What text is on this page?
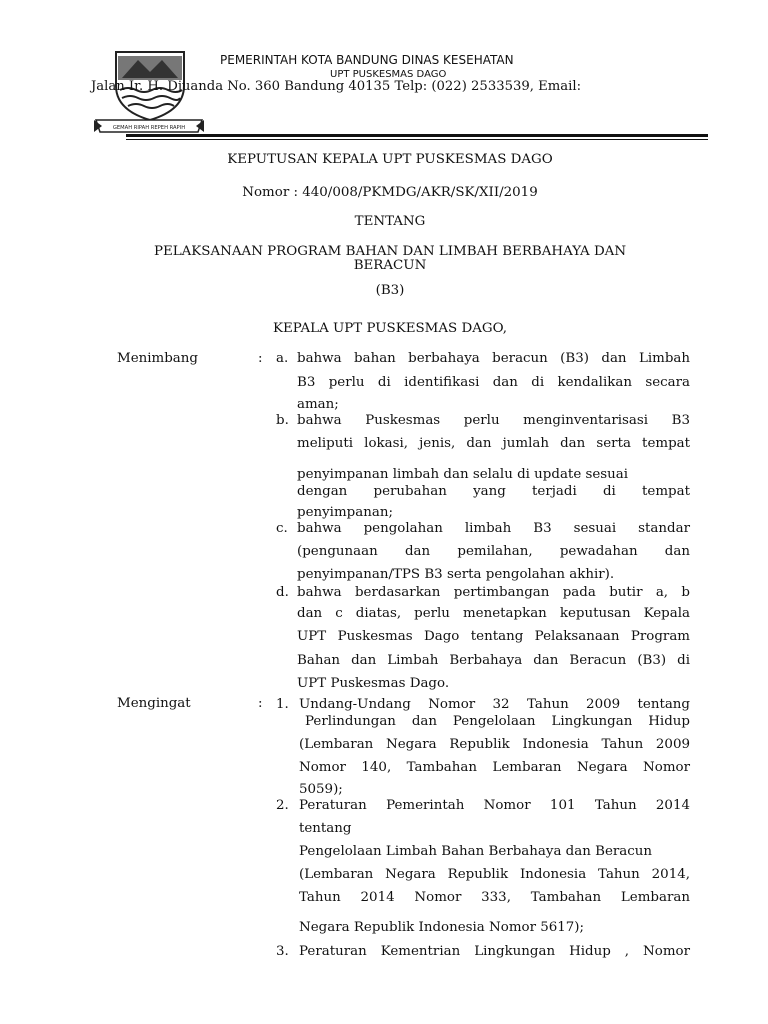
GEMAH RIPAH REPEH RAPIH
PEMERINTAH KOTA BANDUNG DINAS KESEHATAN
UPT PUSKESMAS DAGO
Jalan Ir. H. Djuanda No. 360 Bandung 40135 Telp: (022) 2533539, Email:
KEPUTUSAN KEPALA UPT PUSKESMAS DAGO
Nomor : 440/008/PKMDG/AKR/SK/XII/2019
TENTANG
PELAKSANAAN PROGRAM BAHAN DAN LIMBAH BERBAHAYA DAN
BERACUN
(B3)
KEPALA UPT PUSKESMAS DAGO,
Menimbang	: a. bahwa bahan berbahaya beracun (B3) dan Limbah
B3 perlu di identifikasi dan di kendalikan secara
aman;
b. bahwa Puskesmas perlu menginventarisasi B3
meliputi lokasi, jenis, dan jumlah dan serta tempat
penyimpanan limbah dan selalu di update sesuai
dengan perubahan yang terjadi di tempat
penyimpanan;
c. bahwa pengolahan limbah B3 sesuai standar
(pengunaan dan pemilahan, pewadahan dan
penyimpanan/TPS B3 serta pengolahan akhir).
d. bahwa berdasarkan pertimbangan pada butir a, b
dan c diatas, perlu menetapkan keputusan Kepala
UPT Puskesmas Dago tentang Pelaksanaan Program
Bahan dan Limbah Berbahaya dan Beracun (B3) di
UPT Puskesmas Dago.
Mengingat	: 1. Undang-Undang Nomor 32 Tahun 2009 tentang
Perlindungan dan Pengelolaan Lingkungan Hidup
(Lembaran Negara Republik Indonesia Tahun 2009
Nomor 140, Tambahan Lembaran Negara Nomor
5059);
2. Peraturan Pemerintah Nomor 101 Tahun 2014
tentang
Pengelolaan Limbah Bahan Berbahaya dan Beracun
(Lembaran Negara Republik Indonesia Tahun 2014,
Tahun 2014 Nomor 333, Tambahan Lembaran
Negara Republik Indonesia Nomor 5617);
3. Peraturan Kementrian Lingkungan Hidup , Nomor
